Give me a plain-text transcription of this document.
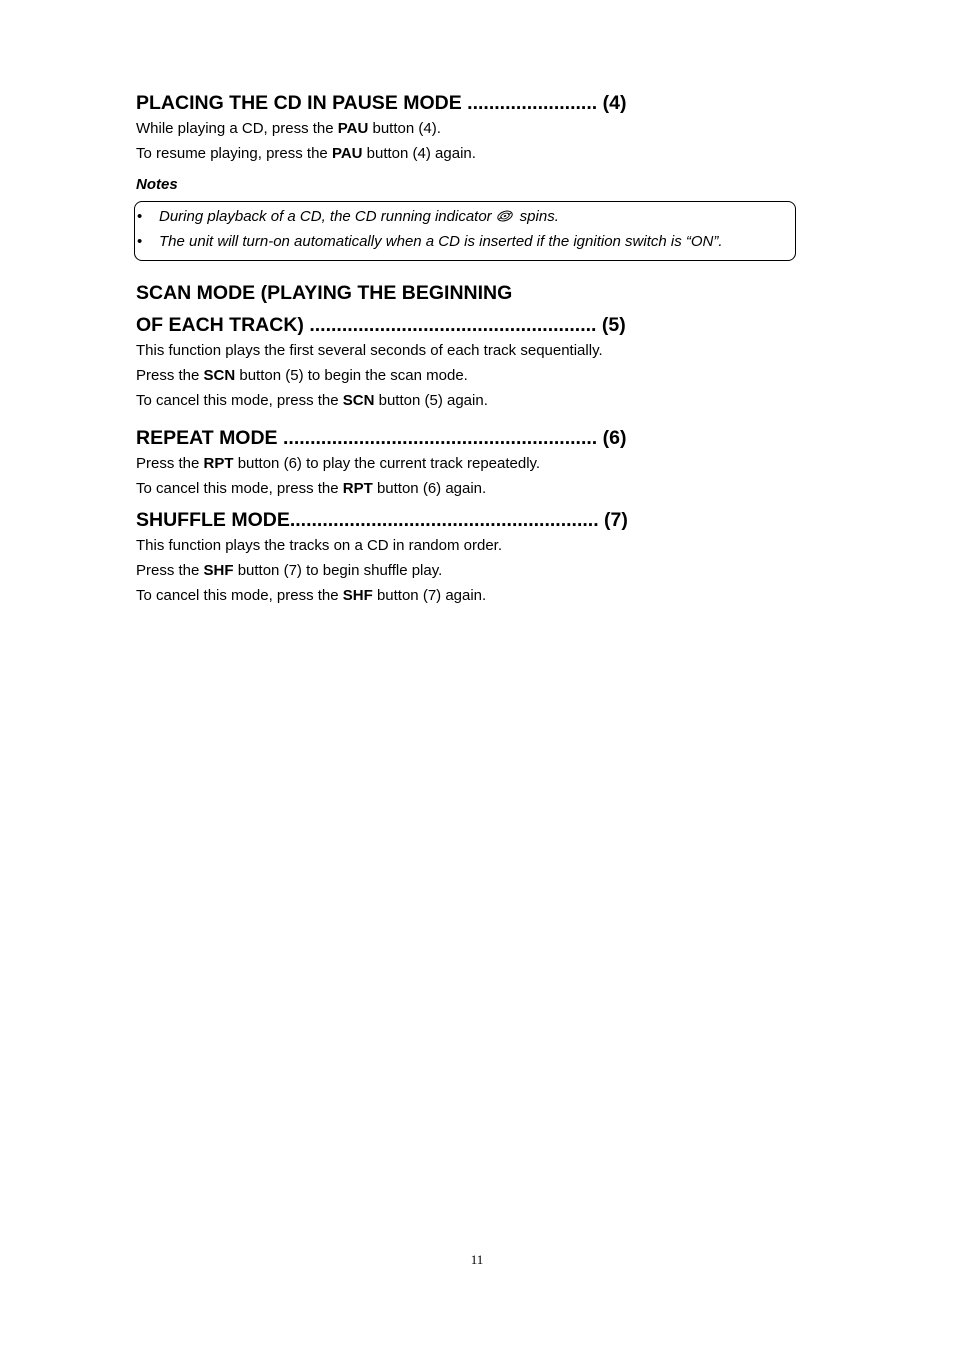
PLACING THE CD IN PAUSE MODE ........................ (4)

While playing a CD, press the PAU button (4).

To resume playing, press the PAU button (4) again.

Notes
• During playback of a CD, the CD running indicator spins.
• The unit will turn-on automatically when a CD is inserted if the ignition switch is “ON”.
SCAN MODE (PLAYING THE BEGINNING
OF EACH TRACK) ..................................................... (5)

This function plays the first several seconds of each track sequentially.

Press the SCN button (5) to begin the scan mode.

To cancel this mode, press the SCN button (5) again.

REPEAT MODE .......................................................... (6)

Press the RPT button (6) to play the current track repeatedly.

To cancel this mode, press the RPT button (6) again.

SHUFFLE MODE......................................................... (7)

This function plays the tracks on a CD in random order.

Press the SHF button (7) to begin shuffle play.

To cancel this mode, press the SHF button (7) again.

11
